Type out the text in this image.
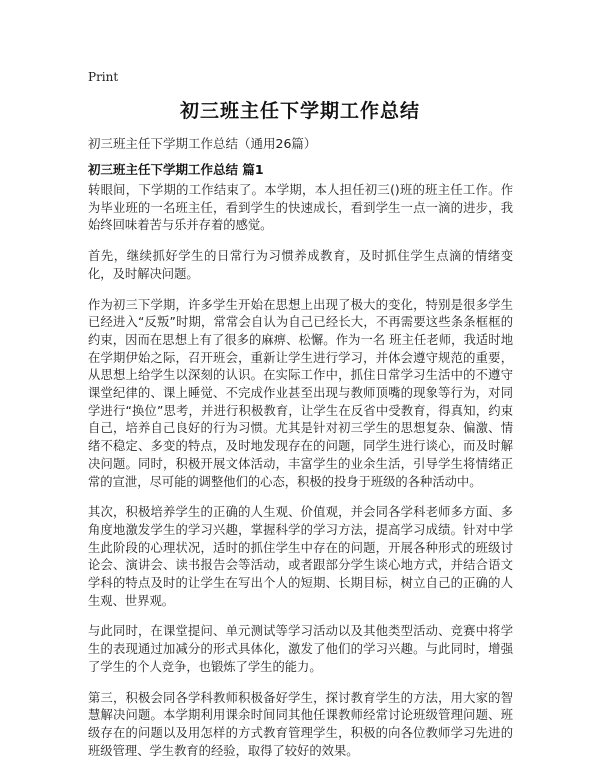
Print
初三班主任下学期工作总结
初三班主任下学期工作总结（通用26篇）
初三班主任下学期工作总结 篇1

转眼间，下学期的工作结束了。本学期，本人担任初三()班的班主任工作。作为毕业班的一名班主任，看到学生的快速成长，看到学生一点一滴的进步，我始终回味着苦与乐并存着的感觉。

首先，继续抓好学生的日常行为习惯养成教育，及时抓住学生点滴的情绪变化，及时解决问题。

作为初三下学期，许多学生开始在思想上出现了极大的变化，特别是很多学生已经进入“反叛”时期，常常会自认为自己已经长大，不再需要这些条条框框的约束，因而在思想上有了很多的麻痹、松懈。作为一名 班主任老师，我适时地在学期伊始之际，召开班会，重新让学生进行学习，并体会遵守规范的重要，从思想上给学生以深刻的认识。在实际工作中，抓住日常学习生活中的不遵守课堂纪律的、课上睡觉、不完成作业甚至出现与教师顶嘴的现象等行为，对同学进行“换位”思考，并进行积极教育，让学生在反省中受教育，得真知，约束自己，培养自己良好的行为习惯。尤其是针对初三学生的思想复杂、偏激、情绪不稳定、多变的特点，及时地发现存在的问题，同学生进行谈心，而及时解决问题。同时，积极开展文体活动，丰富学生的业余生活，引导学生将情绪正常的宣泄，尽可能的调整他们的心态，积极的投身于班级的各种活动中。

其次，积极培养学生的正确的人生观、价值观，并会同各学科老师多方面、多角度地激发学生的学习兴趣，掌握科学的学习方法，提高学习成绩。针对中学生此阶段的心理状况，适时的抓住学生中存在的问题，开展各种形式的班级讨论会、演讲会、读书报告会等活动，或者跟部分学生谈心地方式，并结合语文学科的特点及时的让学生在写出个人的短期、长期目标，树立自己的正确的人生观、世界观。

与此同时，在课堂提问、单元测试等学习活动以及其他类型活动、竞赛中将学生的表现通过加减分的形式具体化，激发了他们的学习兴趣。与此同时，增强了学生的个人竞争，也锻炼了学生的能力。

第三，积极会同各学科教师积极备好学生，探讨教育学生的方法，用大家的智慧解决问题。本学期利用课余时间同其他任课教师经常讨论班级管理问题、班级存在的问题以及用怎样的方式教育管理学生，积极的向各位教师学习先进的班级管理、学生教育的经验，取得了较好的效果。
